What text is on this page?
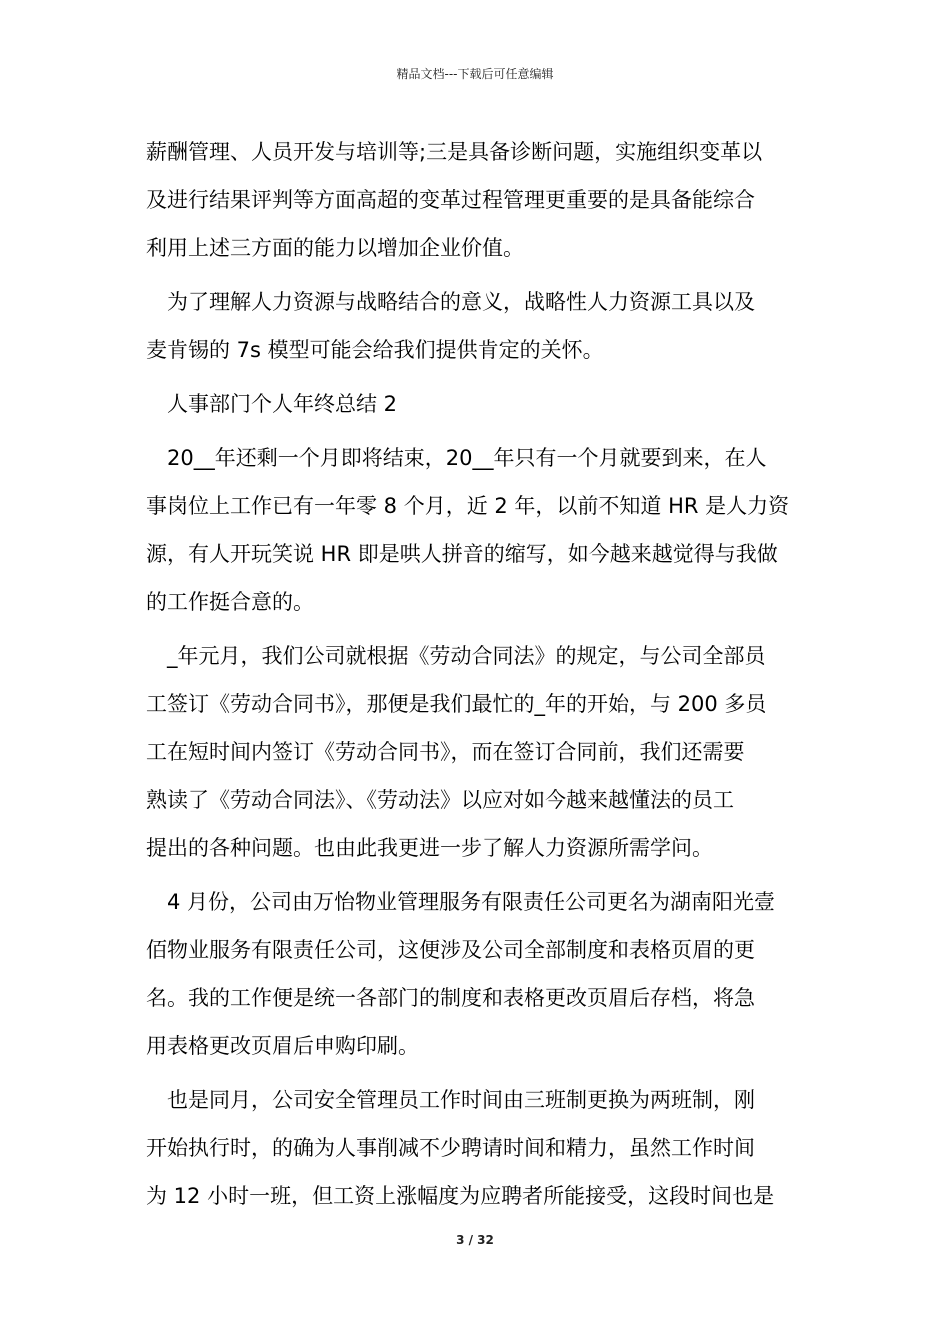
精品文档---下载后可任意编辑
薪酬管理、人员开发与培训等;三是具备诊断问题，实施组织变革以
及进行结果评判等方面高超的变革过程管理更重要的是具备能综合
利用上述三方面的能力以增加企业价值。
　为了理解人力资源与战略结合的意义，战略性人力资源工具以及
麦肯锡的 7s 模型可能会给我们提供肯定的关怀。
　人事部门个人年终总结 2
　20__年还剩一个月即将结束，20__年只有一个月就要到来，在人
事岗位上工作已有一年零 8 个月，近 2 年，以前不知道 HR 是人力资
源，有人开玩笑说 HR 即是哄人拼音的缩写，如今越来越觉得与我做
的工作挺合意的。
　_年元月，我们公司就根据《劳动合同法》的规定，与公司全部员
工签订《劳动合同书》，那便是我们最忙的_年的开始，与 200 多员
工在短时间内签订《劳动合同书》，而在签订合同前，我们还需要
熟读了《劳动合同法》、《劳动法》以应对如今越来越懂法的员工
提出的各种问题。也由此我更进一步了解人力资源所需学问。
　4 月份，公司由万怡物业管理服务有限责任公司更名为湖南阳光壹
佰物业服务有限责任公司，这便涉及公司全部制度和表格页眉的更
名。我的工作便是统一各部门的制度和表格更改页眉后存档，将急
用表格更改页眉后申购印刷。
　也是同月，公司安全管理员工作时间由三班制更换为两班制，刚
开始执行时，的确为人事削减不少聘请时间和精力，虽然工作时间
为 12 小时一班，但工资上涨幅度为应聘者所能接受，这段时间也是
3 / 32
